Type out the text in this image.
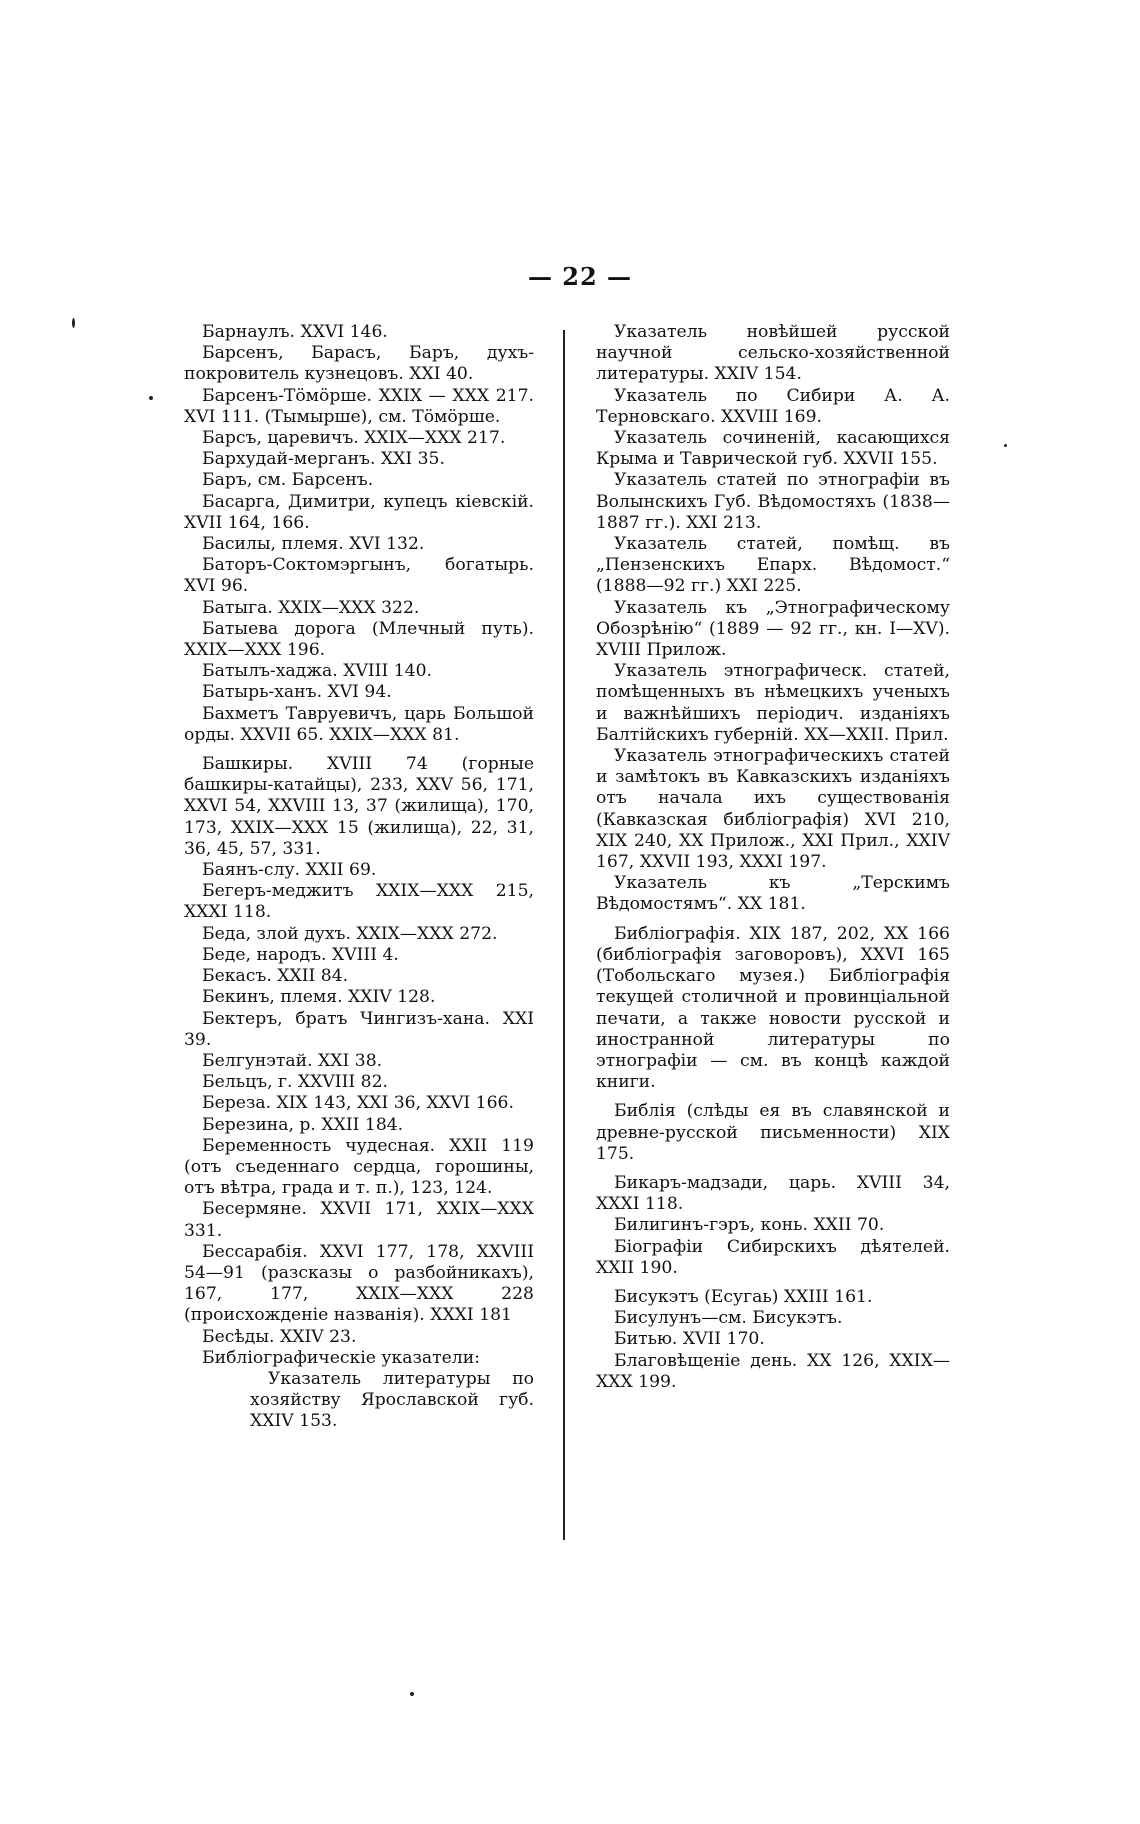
— 22 —

Барнаулъ. XXVI 146.

Барсенъ, Барасъ, Баръ, духъ-покровитель кузнецовъ. XXI 40.

Барсенъ-Тöмöрше. XXIX — XXX 217. XVI 111. (Тымырше), см. Тöмöрше.

Барсъ, царевичъ. XXIX—XXX 217.

Бархудай-мерганъ. XXI 35.

Баръ, см. Барсенъ.

Басарга, Димитри, купецъ кіевскій. XVII 164, 166.

Басилы, племя. XVI 132.

Баторъ-Соктомэргынъ, богатырь. XVI 96.

Батыга. XXIX—XXX 322.

Батыева дорога (Млечный путь). XXIX—XXX 196.

Батылъ-хаджа. XVIII 140.

Батырь-ханъ. XVI 94.

Бахметъ Тавруевичъ, царь Большой орды. XXVII 65. XXIX—XXX 81.

Башкиры. XVIII 74 (горные башкиры-катайцы), 233, XXV 56, 171, XXVI 54, XXVIII 13, 37 (жилища), 170, 173, XXIX—XXX 15 (жилища), 22, 31, 36, 45, 57, 331.

Баянъ-слу. XXII 69.

Бегеръ-меджитъ XXIX—XXX 215, XXXI 118.

Беда, злой духъ. XXIX—XXX 272.

Беде, народъ. XVIII 4.

Бекасъ. XXII 84.

Бекинъ, племя. XXIV 128.

Бектеръ, братъ Чингизъ-хана. XXI 39.

Белгунэтай. XXI 38.

Бельцъ, г. XXVIII 82.

Береза. XIX 143, XXI 36, XXVI 166.

Березина, р. XXII 184.

Беременность чудесная. XXII 119 (отъ съеденнаго сердца, горошины, отъ вѣтра, града и т. п.), 123, 124.

Бесермяне. XXVII 171, XXIX—XXX 331.

Бессарабія. XXVI 177, 178, XXVIII 54—91 (разсказы о разбойникахъ), 167, 177, XXIX—XXX 228 (происхожденіе названія). XXXI 181

Бесѣды. XXIV 23.

Библіографическіе указатели:

Указатель литературы по хозяйству Ярославской губ. XXIV 153.

Указатель новѣйшей русской научной сельско-хозяйственной литературы. XXIV 154.

Указатель по Сибири А. А. Терновскаго. XXVIII 169.

Указатель сочиненій, касающихся Крыма и Таврической губ. XXVII 155.

Указатель статей по этнографіи въ Волынскихъ Губ. Вѣдомостяхъ (1838—1887 гг.). XXI 213.

Указатель статей, помѣщ. въ „Пензенскихъ Епарх. Вѣдомост.“ (1888—92 гг.) XXI 225.

Указатель къ „Этнографическому Обозрѣнію“ (1889 — 92 гг., кн. I—XV). XVIII Прилож.

Указатель этнографическ. статей, помѣщенныхъ въ нѣмецкихъ ученыхъ и важнѣйшихъ періодич. изданіяхъ Балтійскихъ губерній. XX—XXII. Прил.

Указатель этнографическихъ статей и замѣтокъ въ Кавказскихъ изданіяхъ отъ начала ихъ существованія (Кавказская библіографія) XVI 210, XIX 240, XX Прилож., XXI Прил., XXIV 167, XXVII 193, XXXI 197.

Указатель къ „Терскимъ Вѣдомостямъ“. XX 181.

Библіографія. XIX 187, 202, XX 166 (библіографія заговоровъ), XXVI 165 (Тобольскаго музея.) Библіографія текущей столичной и провинціальной печати, а также новости русской и иностранной литературы по этнографіи — см. въ концѣ каждой книги.

Библія (слѣды ея въ славянской и древне-русской письменности) XIX 175.

Бикаръ-мадзади, царь. XVIII 34, XXXI 118.

Билигинъ-гэръ, конь. XXII 70.

Біографіи Сибирскихъ дѣятелей. XXII 190.

Бисукэтъ (Есугаь) XXIII 161.

Бисулунъ—см. Бисукэтъ.

Битью. XVII 170.

Благовѣщеніе день. XX 126, XXIX—XXX 199.
